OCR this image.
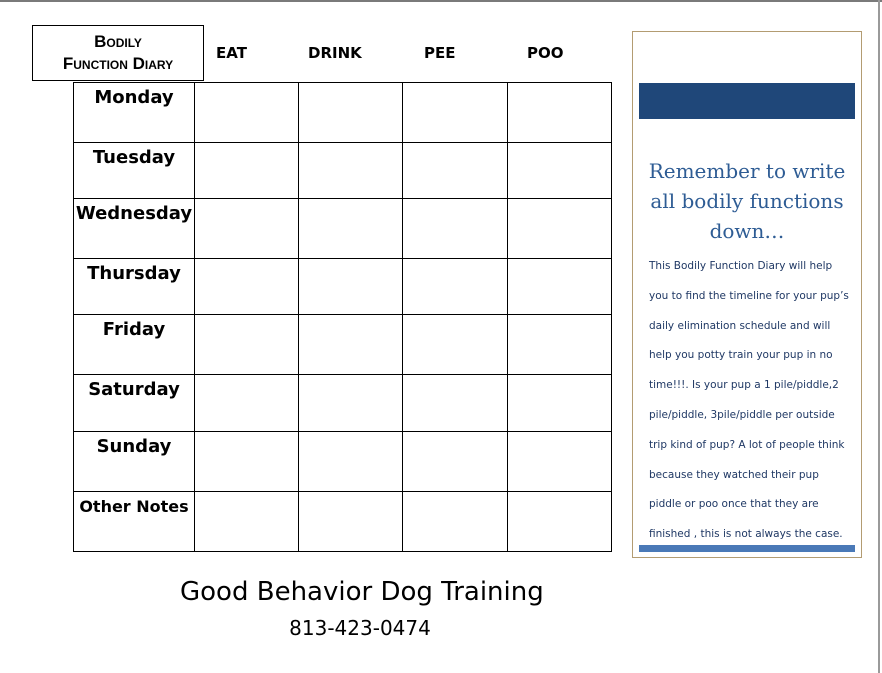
Bodily
Function Diary
EAT	DRINK	PEE	POO
Monday				
Tuesday				
Wednesday				
Thursday				
Friday				
Saturday				
Sunday				
Other Notes				
Good Behavior Dog Training
813-423-0474
Remember to write all bodily functions down…
This Bodily Function Diary will help you to find the timeline for your pup’s daily elimination schedule and will help you potty train your pup in no time!!!. Is your pup a 1 pile/piddle,2 pile/piddle, 3pile/piddle per outside trip kind of pup? A lot of people think because they watched their pup piddle or poo once that they are finished , this is not always the case.
